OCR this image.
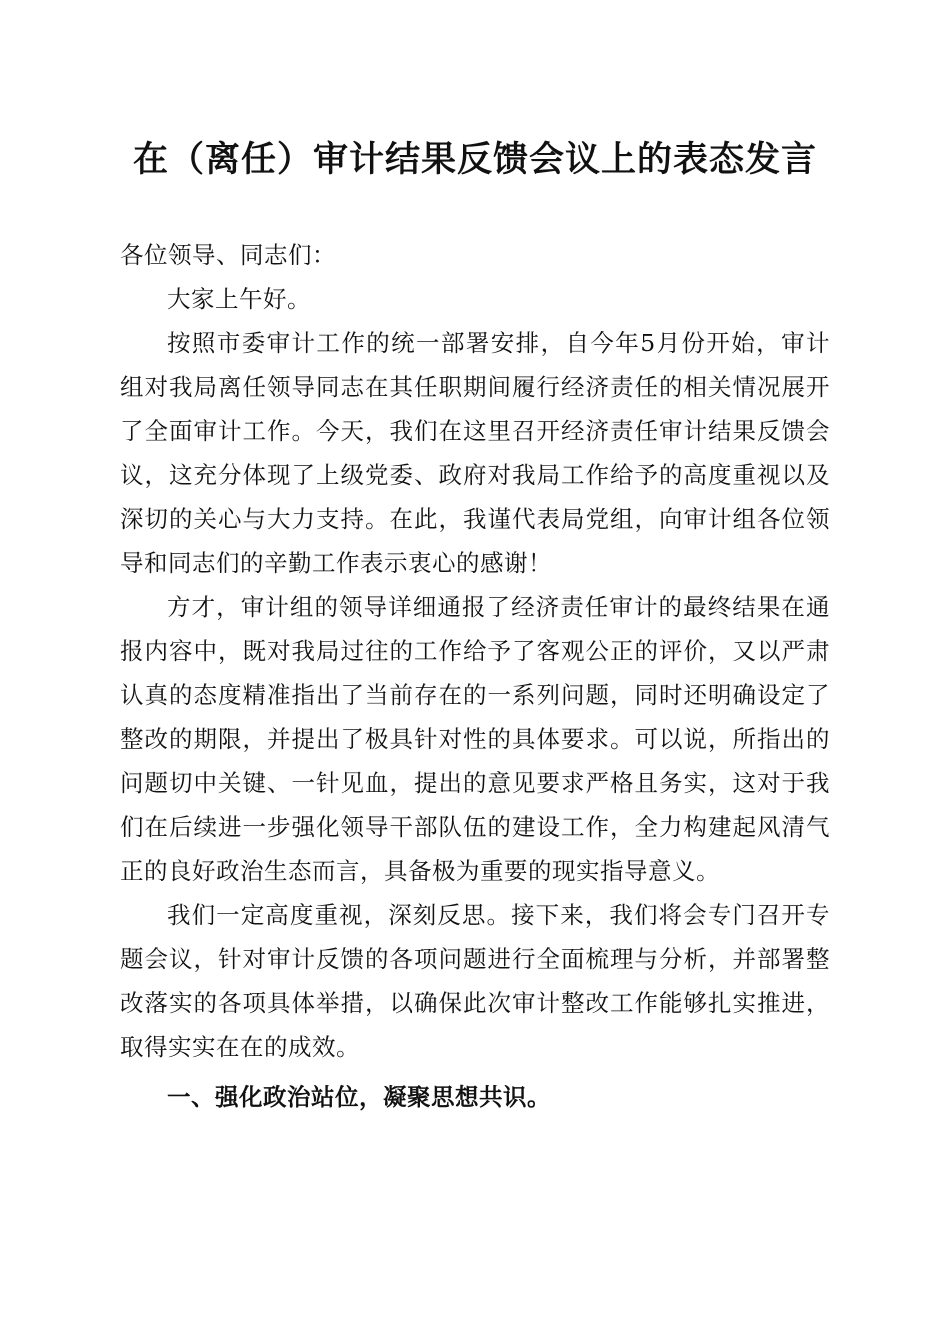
在（离任）审计结果反馈会议上的表态发言

各位领导、同志们：

大家上午好。

按照市委审计工作的统一部署安排，自今年5月份开始，审计组对我局离任领导同志在其任职期间履行经济责任的相关情况展开了全面审计工作。今天，我们在这里召开经济责任审计结果反馈会议，这充分体现了上级党委、政府对我局工作给予的高度重视以及深切的关心与大力支持。在此，我谨代表局党组，向审计组各位领导和同志们的辛勤工作表示衷心的感谢！

方才，审计组的领导详细通报了经济责任审计的最终结果在通报内容中，既对我局过往的工作给予了客观公正的评价，又以严肃认真的态度精准指出了当前存在的一系列问题，同时还明确设定了整改的期限，并提出了极具针对性的具体要求。可以说，所指出的问题切中关键、一针见血，提出的意见要求严格且务实，这对于我们在后续进一步强化领导干部队伍的建设工作，全力构建起风清气正的良好政治生态而言，具备极为重要的现实指导意义。

我们一定高度重视，深刻反思。接下来，我们将会专门召开专题会议，针对审计反馈的各项问题进行全面梳理与分析，并部署整改落实的各项具体举措，以确保此次审计整改工作能够扎实推进，取得实实在在的成效。

一、强化政治站位，凝聚思想共识。
